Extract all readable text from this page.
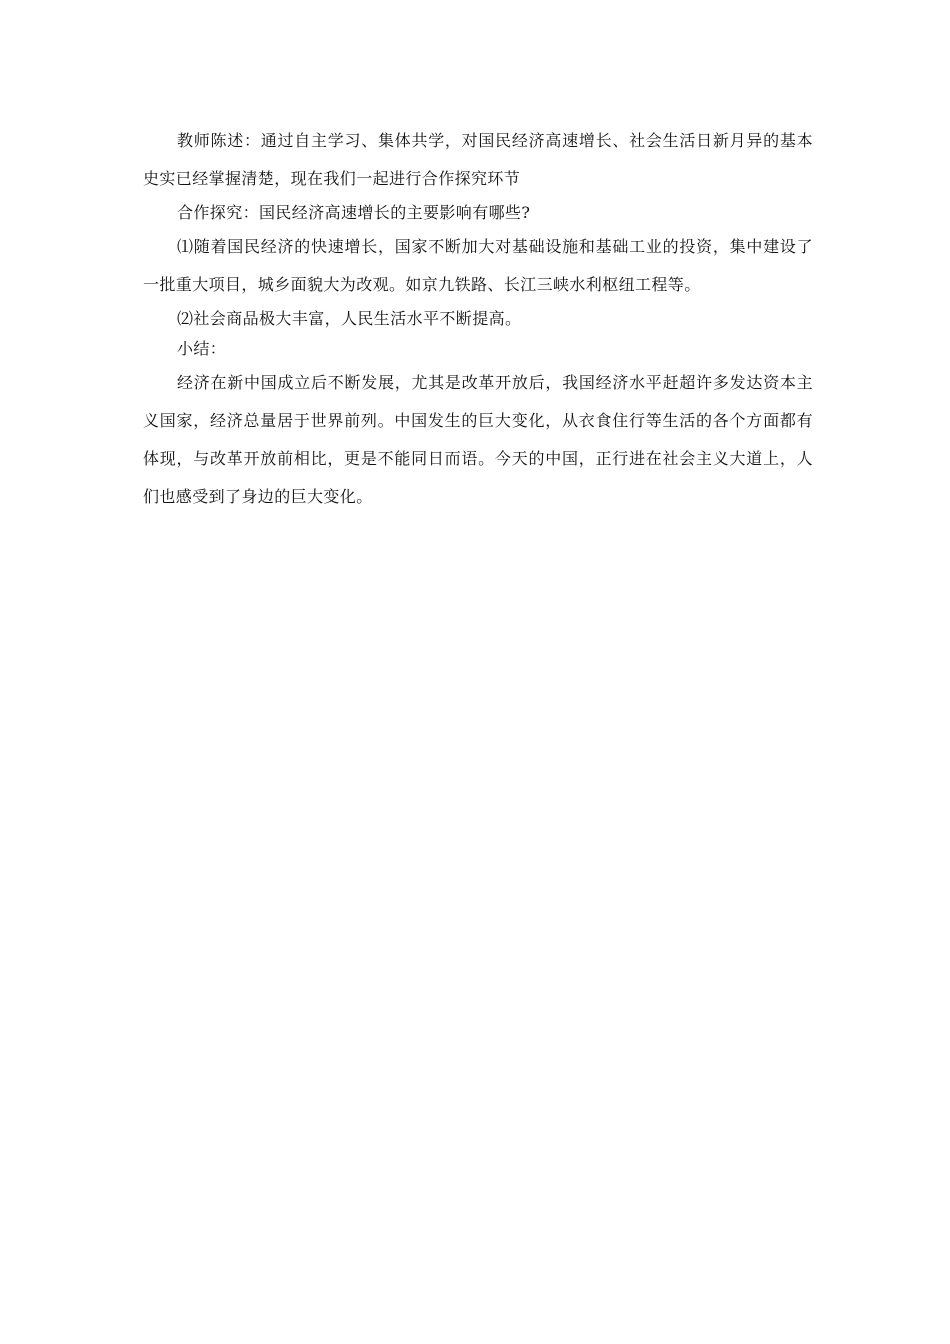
教师陈述：通过自主学习、集体共学，对国民经济高速增长、社会生活日新月异的基本史实已经掌握清楚，现在我们一起进行合作探究环节

合作探究：国民经济高速增长的主要影响有哪些?

⑴随着国民经济的快速增长，国家不断加大对基础设施和基础工业的投资，集中建设了一批重大项目，城乡面貌大为改观。如京九铁路、长江三峡水利枢纽工程等。

⑵社会商品极大丰富，人民生活水平不断提高。

小结：

经济在新中国成立后不断发展，尤其是改革开放后，我国经济水平赶超许多发达资本主义国家，经济总量居于世界前列。中国发生的巨大变化，从衣食住行等生活的各个方面都有体现，与改革开放前相比，更是不能同日而语。今天的中国，正行进在社会主义大道上，人们也感受到了身边的巨大变化。
